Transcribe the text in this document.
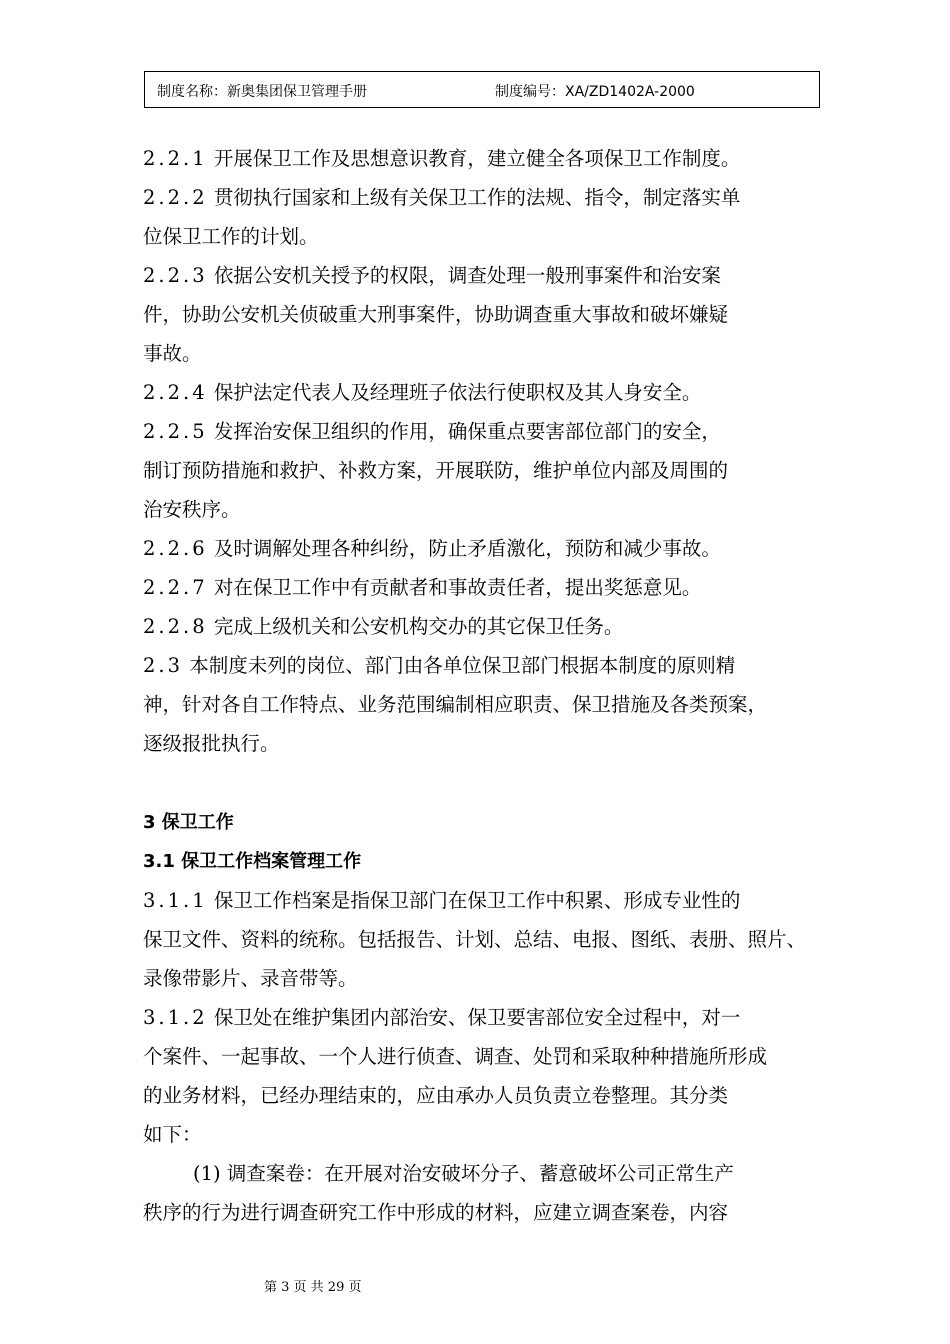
制度名称：新奥集团保卫管理手册	制度编号：XA/ZD1402A-2000
2.2.1 开展保卫工作及思想意识教育，建立健全各项保卫工作制度。
2.2.2 贯彻执行国家和上级有关保卫工作的法规、指令，制定落实单
位保卫工作的计划。
2.2.3 依据公安机关授予的权限，调查处理一般刑事案件和治安案
件，协助公安机关侦破重大刑事案件，协助调查重大事故和破坏嫌疑
事故。
2.2.4 保护法定代表人及经理班子依法行使职权及其人身安全。
2.2.5 发挥治安保卫组织的作用，确保重点要害部位部门的安全，
制订预防措施和救护、补救方案，开展联防，维护单位内部及周围的
治安秩序。
2.2.6 及时调解处理各种纠纷，防止矛盾激化，预防和减少事故。
2.2.7 对在保卫工作中有贡献者和事故责任者，提出奖惩意见。
2.2.8 完成上级机关和公安机构交办的其它保卫任务。
2.3 本制度未列的岗位、部门由各单位保卫部门根据本制度的原则精
神，针对各自工作特点、业务范围编制相应职责、保卫措施及各类预案，
逐级报批执行。
3 保卫工作
3.1 保卫工作档案管理工作
3.1.1 保卫工作档案是指保卫部门在保卫工作中积累、形成专业性的
保卫文件、资料的统称。包括报告、计划、总结、电报、图纸、表册、照片、
录像带影片、录音带等。
3.1.2 保卫处在维护集团内部治安、保卫要害部位安全过程中，对一
个案件、一起事故、一个人进行侦查、调查、处罚和采取种种措施所形成
的业务材料，已经办理结束的，应由承办人员负责立卷整理。其分类
如下：
(1) 调查案卷：在开展对治安破坏分子、蓄意破坏公司正常生产
秩序的行为进行调查研究工作中形成的材料，应建立调查案卷，内容
第 3 页 共 29 页
